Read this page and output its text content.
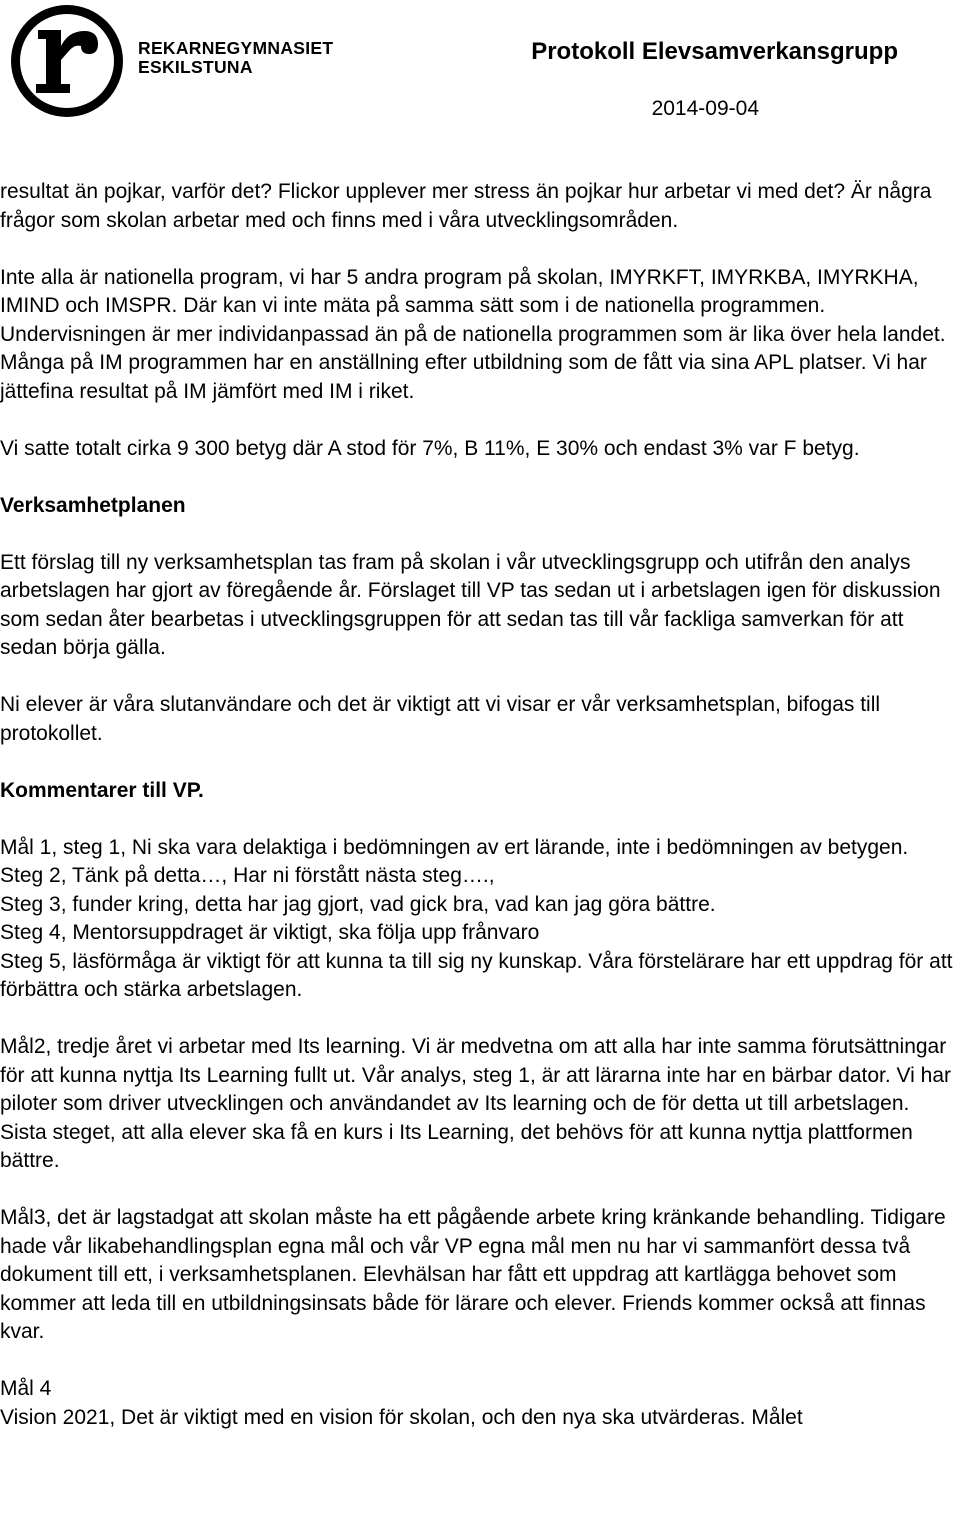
REKARNEGYMNASIET
ESKILSTUNA
Protokoll Elevsamverkansgrupp
2014-09-04

resultat än pojkar, varför det? Flickor upplever mer stress än pojkar hur arbetar vi med det? Är några frågor som skolan arbetar med och finns med i våra utvecklingsområden.

Inte alla är nationella program, vi har 5 andra program på skolan, IMYRKFT, IMYRKBA, IMYRKHA, IMIND och IMSPR. Där kan vi inte mäta på samma sätt som i de nationella programmen. Undervisningen är mer individanpassad än på de nationella programmen som är lika över hela landet. Många på IM programmen har en anställning efter utbildning som de fått via sina APL platser. Vi har jättefina resultat på IM jämfört med IM i riket.

Vi satte totalt cirka 9 300 betyg där A stod för 7%, B 11%, E 30% och endast 3% var F betyg.

Verksamhetplanen

Ett förslag till ny verksamhetsplan tas fram på skolan i vår utvecklingsgrupp och utifrån den analys arbetslagen har gjort av föregående år. Förslaget till VP tas sedan ut i arbetslagen igen för diskussion som sedan åter bearbetas i utvecklingsgruppen för att sedan tas till vår fackliga samverkan för att sedan börja gälla.

Ni elever är våra slutanvändare och det är viktigt att vi visar er vår verksamhetsplan, bifogas till protokollet.

Kommentarer till VP.

Mål 1, steg 1, Ni ska vara delaktiga i bedömningen av ert lärande, inte i bedömningen av betygen.
Steg 2, Tänk på detta…, Har ni förstått nästa steg….,
Steg 3, funder kring, detta har jag gjort, vad gick bra, vad kan jag göra bättre.
Steg 4, Mentorsuppdraget är viktigt, ska följa upp frånvaro
Steg 5, läsförmåga är viktigt för att kunna ta till sig ny kunskap. Våra förstelärare har ett uppdrag för att förbättra och stärka arbetslagen.

Mål2, tredje året vi arbetar med Its learning. Vi är medvetna om att alla har inte samma förutsättningar för att kunna nyttja Its Learning fullt ut. Vår analys, steg 1, är att lärarna inte har en bärbar dator. Vi har piloter som driver utvecklingen och användandet av Its learning och de för detta ut till arbetslagen. Sista steget, att alla elever ska få en kurs i Its Learning, det behövs för att kunna nyttja plattformen bättre.

Mål3, det är lagstadgat att skolan måste ha ett pågående arbete kring kränkande behandling. Tidigare hade vår likabehandlingsplan egna mål och vår VP egna mål men nu har vi sammanfört dessa två dokument till ett, i verksamhetsplanen. Elevhälsan har fått ett uppdrag att kartlägga behovet som kommer att leda till en utbildningsinsats både för lärare och elever. Friends kommer också att finnas kvar.

Mål 4
Vision 2021, Det är viktigt med en vision för skolan, och den nya ska utvärderas. Målet
